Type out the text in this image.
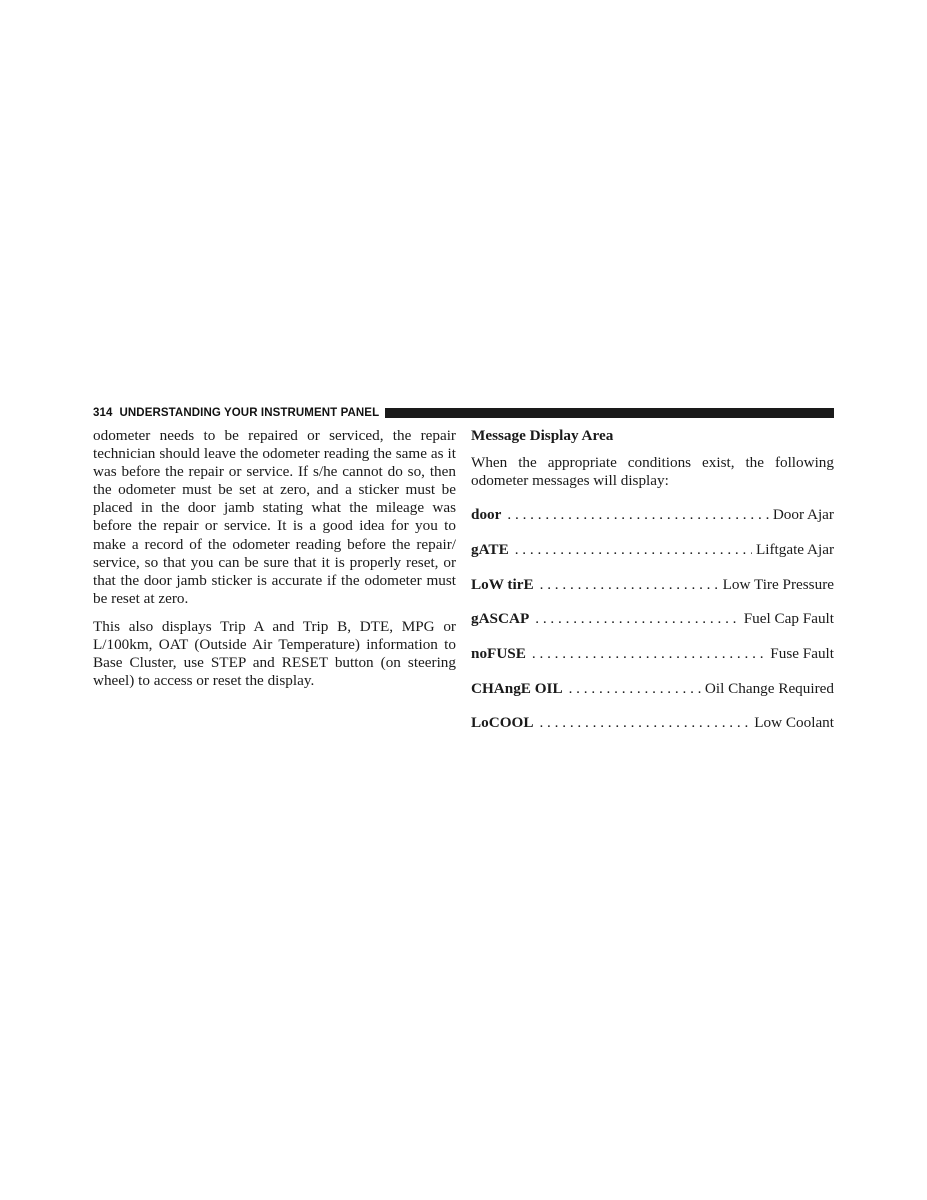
314 UNDERSTANDING YOUR INSTRUMENT PANEL

odometer needs to be repaired or serviced, the repair technician should leave the odometer reading the same as it was before the repair or service. If s/he cannot do so, then the odometer must be set at zero, and a sticker must be placed in the door jamb stating what the mileage was before the repair or service. It is a good idea for you to make a record of the odometer reading before the repair/ service, so that you can be sure that it is properly reset, or that the door jamb sticker is accurate if the odometer must be reset at zero.

This also displays Trip A and Trip B, DTE, MPG or L/100km, OAT (Outside Air Temperature) information to Base Cluster, use STEP and RESET button (on steering wheel) to access or reset the display.

Message Display Area
When the appropriate conditions exist, the following odometer messages will display:
door . . .	Door Ajar
gATE . . .	Liftgate Ajar
LoW tirE . . .	Low Tire Pressure
gASCAP . . .	Fuel Cap Fault
noFUSE . . .	Fuse Fault
CHAngE OIL . . .	Oil Change Required
LoCOOL . . .	Low Coolant
